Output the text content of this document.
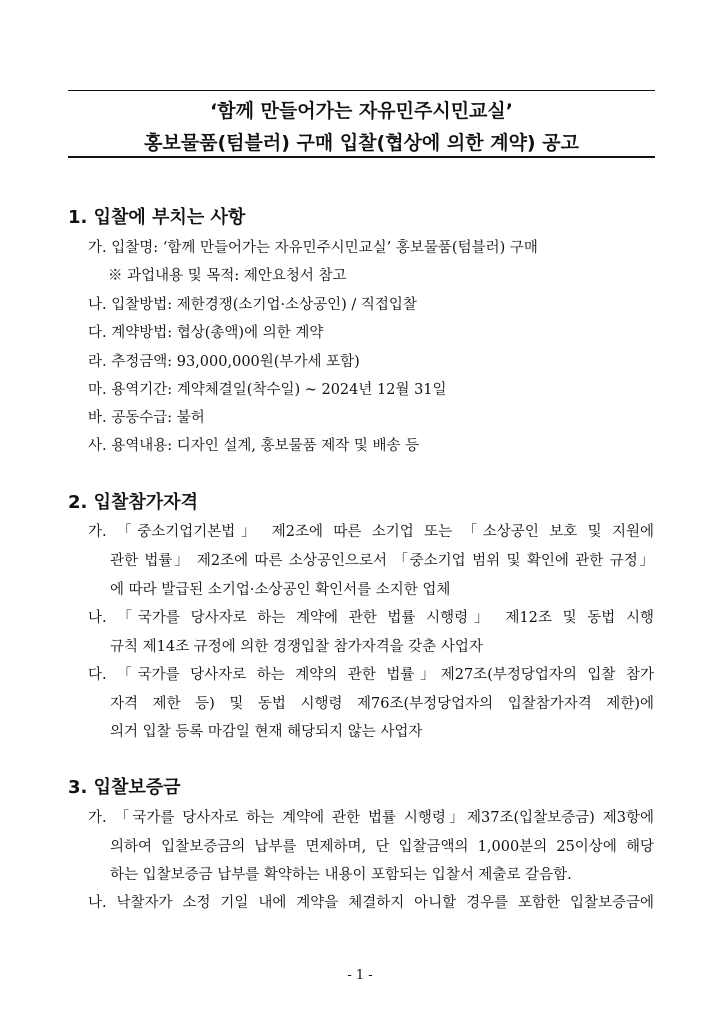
‘함께 만들어가는 자유민주시민교실’
홍보물품(텀블러) 구매 입찰(협상에 의한 계약) 공고
1. 입찰에 부치는 사항
가. 입찰명: ‘함께 만들어가는 자유민주시민교실’ 홍보물품(텀블러) 구매
※ 과업내용 및 목적: 제안요청서 참고
나. 입찰방법: 제한경쟁(소기업·소상공인) / 직접입찰
다. 계약방법: 협상(총액)에 의한 계약
라. 추정금액: 93,000,000원(부가세 포함)
마. 용역기간: 계약체결일(착수일) ~ 2024년 12월 31일
바. 공동수급: 불허
사. 용역내용: 디자인 설계, 홍보물품 제작 및 배송 등
2. 입찰참가자격
가. 「중소기업기본법」 제2조에 따른 소기업 또는 「소상공인 보호 및 지원에
관한 법률」 제2조에 따른 소상공인으로서 「중소기업 범위 및 확인에 관한 규정」
에 따라 발급된 소기업·소상공인 확인서를 소지한 업체
나. 「국가를 당사자로 하는 계약에 관한 법률 시행령」 제12조 및 동법 시행
규칙 제14조 규정에 의한 경쟁입찰 참가자격을 갖춘 사업자
다. 「국가를 당사자로 하는 계약의 관한 법률」제27조(부정당업자의 입찰 참가
자격 제한 등) 및 동법 시행령 제76조(부정당업자의 입찰참가자격 제한)에
의거 입찰 등록 마감일 현재 해당되지 않는 사업자
3. 입찰보증금
가. 「국가를 당사자로 하는 계약에 관한 법률 시행령」제37조(입찰보증금) 제3항에
의하여 입찰보증금의 납부를 면제하며, 단 입찰금액의 1,000분의 25이상에 해당
하는 입찰보증금 납부를 확약하는 내용이 포함되는 입찰서 제출로 갈음함.
나. 낙찰자가 소정 기일 내에 계약을 체결하지 아니할 경우를 포함한 입찰보증금에
- 1 -
